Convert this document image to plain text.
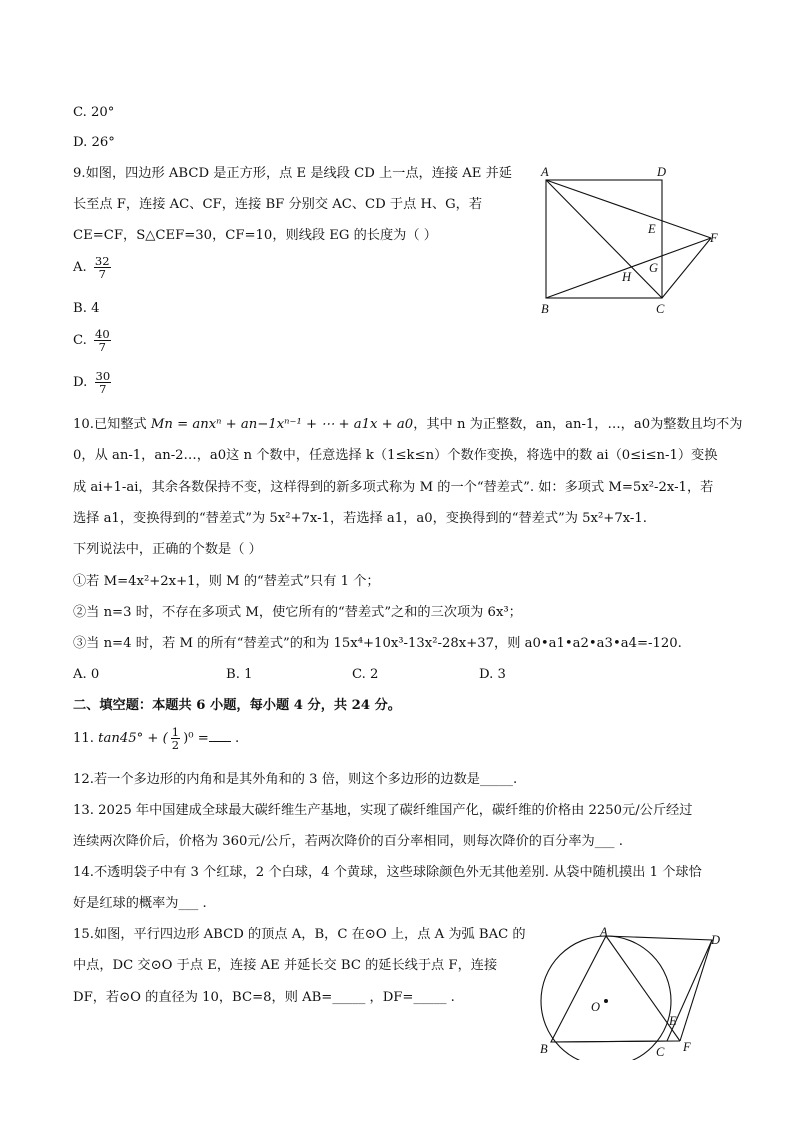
C. 20°
D. 26°
9.如图，四边形 ABCD 是正方形，点 E 是线段 CD 上一点，连接 AE 并延
长至点 F，连接 AC、CF，连接 BF 分别交 AC、CD 于点 H、G，若
CE=CF，S△CEF=30，CF=10，则线段 EG 的长度为（ ）
A. $\frac{32}{7}$
B. 4
C. $\frac{40}{7}$
D. $\frac{30}{7}$
A	D
B	C
E
F
G
H
10.已知整式 Mn = anxⁿ + an−1xⁿ⁻¹ + ⋯ + a1x + a0，其中 n 为正整数，an，an-1，…，a0为整数且均不为
0，从 an-1，an-2…，a0这 n 个数中，任意选择 k（1≤k≤n）个数作变换，将选中的数 ai（0≤i≤n-1）变换
成 ai+1-ai，其余各数保持不变，这样得到的新多项式称为 M 的一个“替差式”. 如：多项式 M=5x²-2x-1，若
选择 a1，变换得到的“替差式”为 5x²+7x-1，若选择 a1，a0，变换得到的“替差式”为 5x²+7x-1.
下列说法中，正确的个数是（ ）
①若 M=4x²+2x+1，则 M 的“替差式”只有 1 个；
②当 n=3 时，不存在多项式 M，使它所有的“替差式”之和的三次项为 6x³；
③当 n=4 时，若 M 的所有“替差式”的和为 15x⁴+10x³-13x²-28x+37，则 a0•a1•a2•a3•a4=-120.
A. 0	B. 1	C. 2	D. 3
二、填空题：本题共 6 小题，每小题 4 分，共 24 分。
11. tan45° + ( $\frac{1}{2} )^0$ = .
12.若一个多边形的内角和是其外角和的 3 倍，则这个多边形的边数是_____.
13. 2025 年中国建成全球最大碳纤维生产基地，实现了碳纤维国产化，碳纤维的价格由 2250元/公斤经过
连续两次降价后，价格为 360元/公斤，若两次降价的百分率相同，则每次降价的百分率为___ .
14.不透明袋子中有 3 个红球，2 个白球，4 个黄球，这些球除颜色外无其他差别. 从袋中随机摸出 1 个球恰
好是红球的概率为___ .
15.如图，平行四边形 ABCD 的顶点 A，B，C 在⊙O 上，点 A 为弧 BAC 的
中点，DC 交⊙O 于点 E，连接 AE 并延长交 BC 的延长线于点 F，连接
DF，若⊙O 的直径为 10，BC=8，则 AB=_____ ，DF=_____ .
A
D
B	C
E
F
O
